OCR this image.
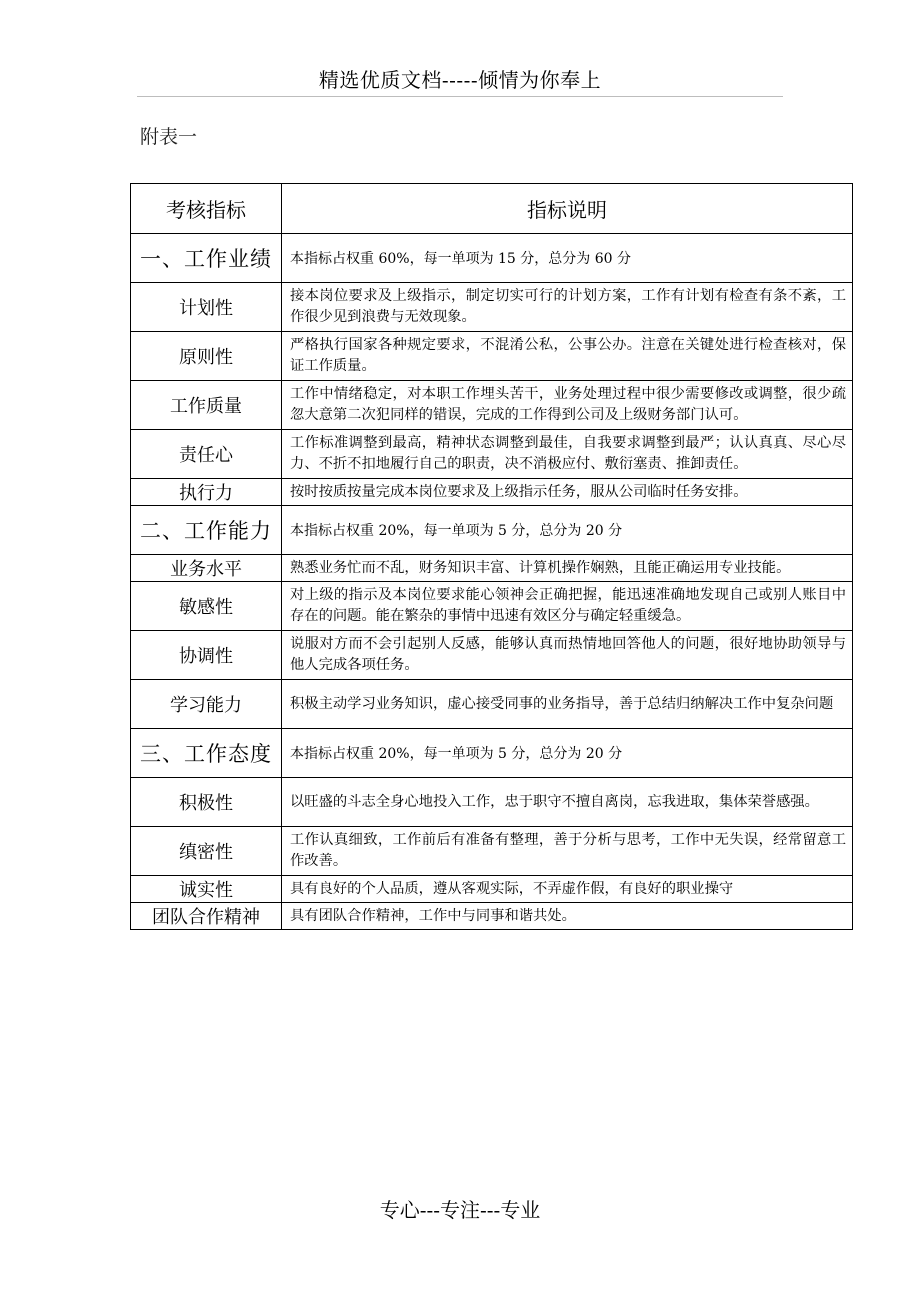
精选优质文档-----倾情为你奉上
附表一
考核指标	指标说明
一、工作业绩	本指标占权重 60%，每一单项为 15 分，总分为 60 分
计划性	接本岗位要求及上级指示，制定切实可行的计划方案，工作有计划有检查有条不紊，工作很少见到浪费与无效现象。
原则性	严格执行国家各种规定要求，不混淆公私，公事公办。注意在关键处进行检查核对，保证工作质量。
工作质量	工作中情绪稳定，对本职工作埋头苦干，业务处理过程中很少需要修改或调整，很少疏忽大意第二次犯同样的错误，完成的工作得到公司及上级财务部门认可。
责任心	工作标准调整到最高，精神状态调整到最佳，自我要求调整到最严；认认真真、尽心尽力、不折不扣地履行自己的职责，决不消极应付、敷衍塞责、推卸责任。
执行力	按时按质按量完成本岗位要求及上级指示任务，服从公司临时任务安排。
二、工作能力	本指标占权重 20%，每一单项为 5 分，总分为 20 分
业务水平	熟悉业务忙而不乱，财务知识丰富、计算机操作娴熟，且能正确运用专业技能。
敏感性	对上级的指示及本岗位要求能心领神会正确把握，能迅速准确地发现自己或别人账目中存在的问题。能在繁杂的事情中迅速有效区分与确定轻重缓急。
协调性	说服对方而不会引起别人反感，能够认真而热情地回答他人的问题，很好地协助领导与他人完成各项任务。
学习能力	积极主动学习业务知识，虚心接受同事的业务指导，善于总结归纳解决工作中复杂问题
三、工作态度	本指标占权重 20%，每一单项为 5 分，总分为 20 分
积极性	以旺盛的斗志全身心地投入工作，忠于职守不擅自离岗，忘我进取，集体荣誉感强。
缜密性	工作认真细致，工作前后有准备有整理，善于分析与思考，工作中无失误，经常留意工作改善。
诚实性	具有良好的个人品质，遵从客观实际，不弄虚作假，有良好的职业操守
团队合作精神	具有团队合作精神，工作中与同事和谐共处。
专心---专注---专业
